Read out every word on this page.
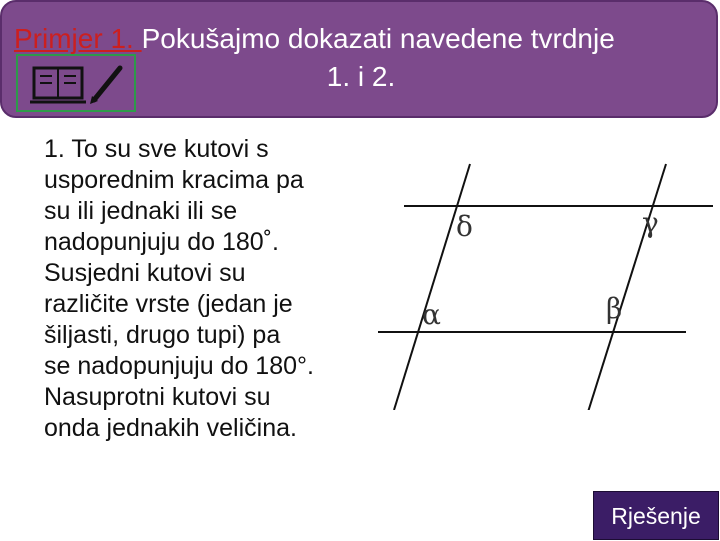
Primjer 1. Pokušajmo dokazati navedene tvrdnje
1. i 2.

1. To su sve kutovi s

usporednim kracima pa

su ili jednaki ili se

nadopunjuju do 180˚.

Susjedni kutovi su

različite vrste (jedan je

šiljasti, drugo tupi) pa

se nadopunjuju do 180°.

Nasuprotni kutovi su

onda jednakih veličina.

δ	γ
α	β
Rješenje
